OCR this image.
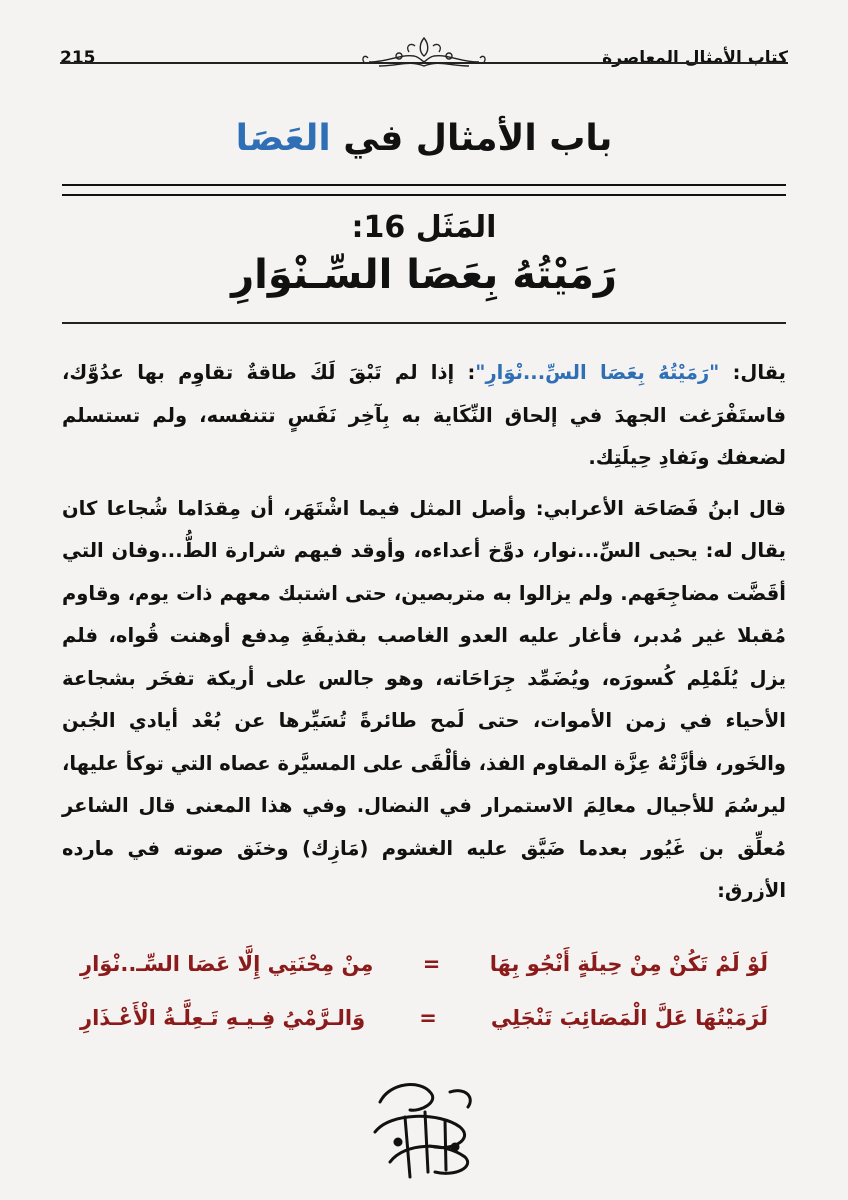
كتاب الأمثال المعاصرة
215
باب الأمثال في العَصَا
المَثَل 16:
رَمَيْتُهُ بِعَصَا السِّـنْوَارِ

يقال: "رَمَيْتُهُ بِعَصَا السِّ...نْوَارِ": إذا لم تَبْقَ لَكَ طاقةٌ تقاوِم بها عدُوَّك، فاستَفْرَغت الجهدَ في إلحاق النِّكَاية به بِآخِر نَفَسٍ تتنفسه، ولم تستسلم لضعفك ونَفادِ حِيلَتِك.

قال ابنُ فَصَاحَة الأعرابي: وأصل المثل فيما اشْتَهَر، أن مِقدَاما شُجاعا كان يقال له: يحيى السِّ...نوار، دوَّخ أعداءه، وأوقد فيهم شرارة الطُّ...وفان التي أقَضَّت مضاجِعَهم. ولم يزالوا به متربصين، حتى اشتبك معهم ذات يوم، وقاوم مُقبلا غير مُدبر، فأغار عليه العدو الغاصب بقذيفَةِ مِدفع أوهنت قُواه، فلم يزل يُلَمْلِم كُسورَه، ويُضَمِّد جِرَاحَاته، وهو جالس على أريكة تفخَر بشجاعة الأحياء في زمن الأموات، حتى لَمح طائرةً تُسَيِّرها عن بُعْد أيادي الجُبن والخَور، فأزَّتْهُ عِزَّة المقاوم الفذ، فألْقَى على المسيَّرة عصاه التي توكأ عليها، ليرسُمَ للأجيال معالِمَ الاستمرار في النضال. وفي هذا المعنى قال الشاعر مُعلِّق بن غَيُور بعدما ضَيَّق عليه الغشوم (مَازِك) وخنَق صوته في مارده الأزرق:

لَوْ لَمْ تَكُنْ مِنْ حِيلَةٍ أَنْجُو بِهَا
=
مِنْ مِحْنَتِي إِلَّا عَصَا السِّـ..نْوَارِ
لَرَمَيْتُهَا عَلَّ الْمَصَائِبَ تَنْجَلِي
=
وَالـرَّمْيُ فِـيـهِ تَـعِلَّـةُ الْأَعْـذَارِ
